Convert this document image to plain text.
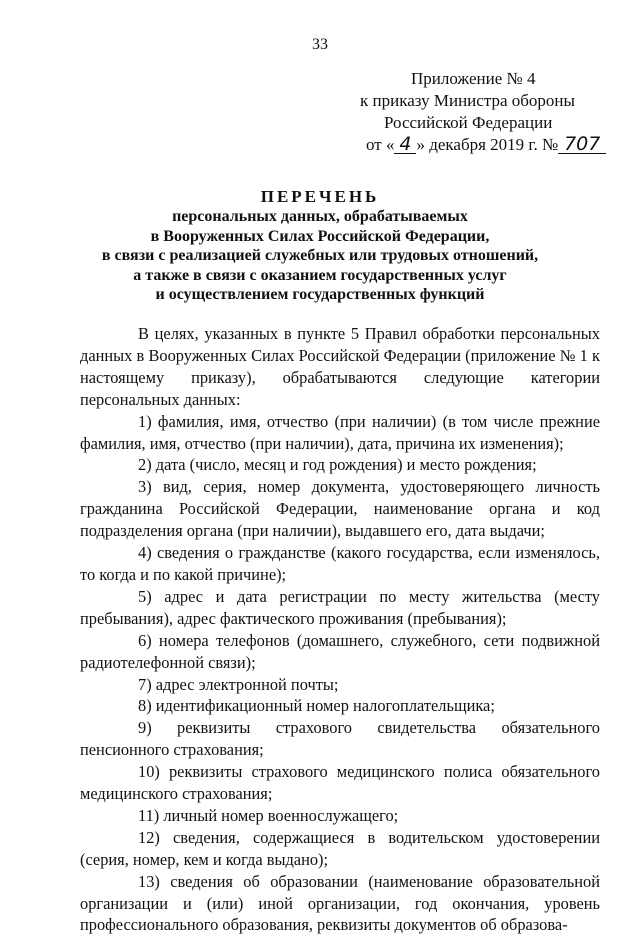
33
Приложение № 4
к приказу Министра обороны
Российской Федерации
от « 4 » декабря 2019 г. № 707
ПЕРЕЧЕНЬ
персональных данных, обрабатываемых
в Вооруженных Силах Российской Федерации,
в связи с реализацией служебных или трудовых отношений,
а также в связи с оказанием государственных услуг
и осуществлением государственных функций

В целях, указанных в пункте 5 Правил обработки персональных данных в Вооруженных Силах Российской Федерации (приложение № 1 к настоящему приказу), обрабатываются следующие категории персональных данных:

1) фамилия, имя, отчество (при наличии) (в том числе прежние фамилия, имя, отчество (при наличии), дата, причина их изменения);

2) дата (число, месяц и год рождения) и место рождения;

3) вид, серия, номер документа, удостоверяющего личность гражданина Российской Федерации, наименование органа и код подразделения органа (при наличии), выдавшего его, дата выдачи;

4) сведения о гражданстве (какого государства, если изменялось, то когда и по какой причине);

5) адрес и дата регистрации по месту жительства (месту пребывания), адрес фактического проживания (пребывания);

6) номера телефонов (домашнего, служебного, сети подвижной радиотелефонной связи);

7) адрес электронной почты;

8) идентификационный номер налогоплательщика;

9) реквизиты страхового свидетельства обязательного пенсионного страхования;

10) реквизиты страхового медицинского полиса обязательного медицинского страхования;

11) личный номер военнослужащего;

12) сведения, содержащиеся в водительском удостоверении (серия, номер, кем и когда выдано);

13) сведения об образовании (наименование образовательной организации и (или) иной организации, год окончания, уровень профессионального образования, реквизиты документов об образова-
